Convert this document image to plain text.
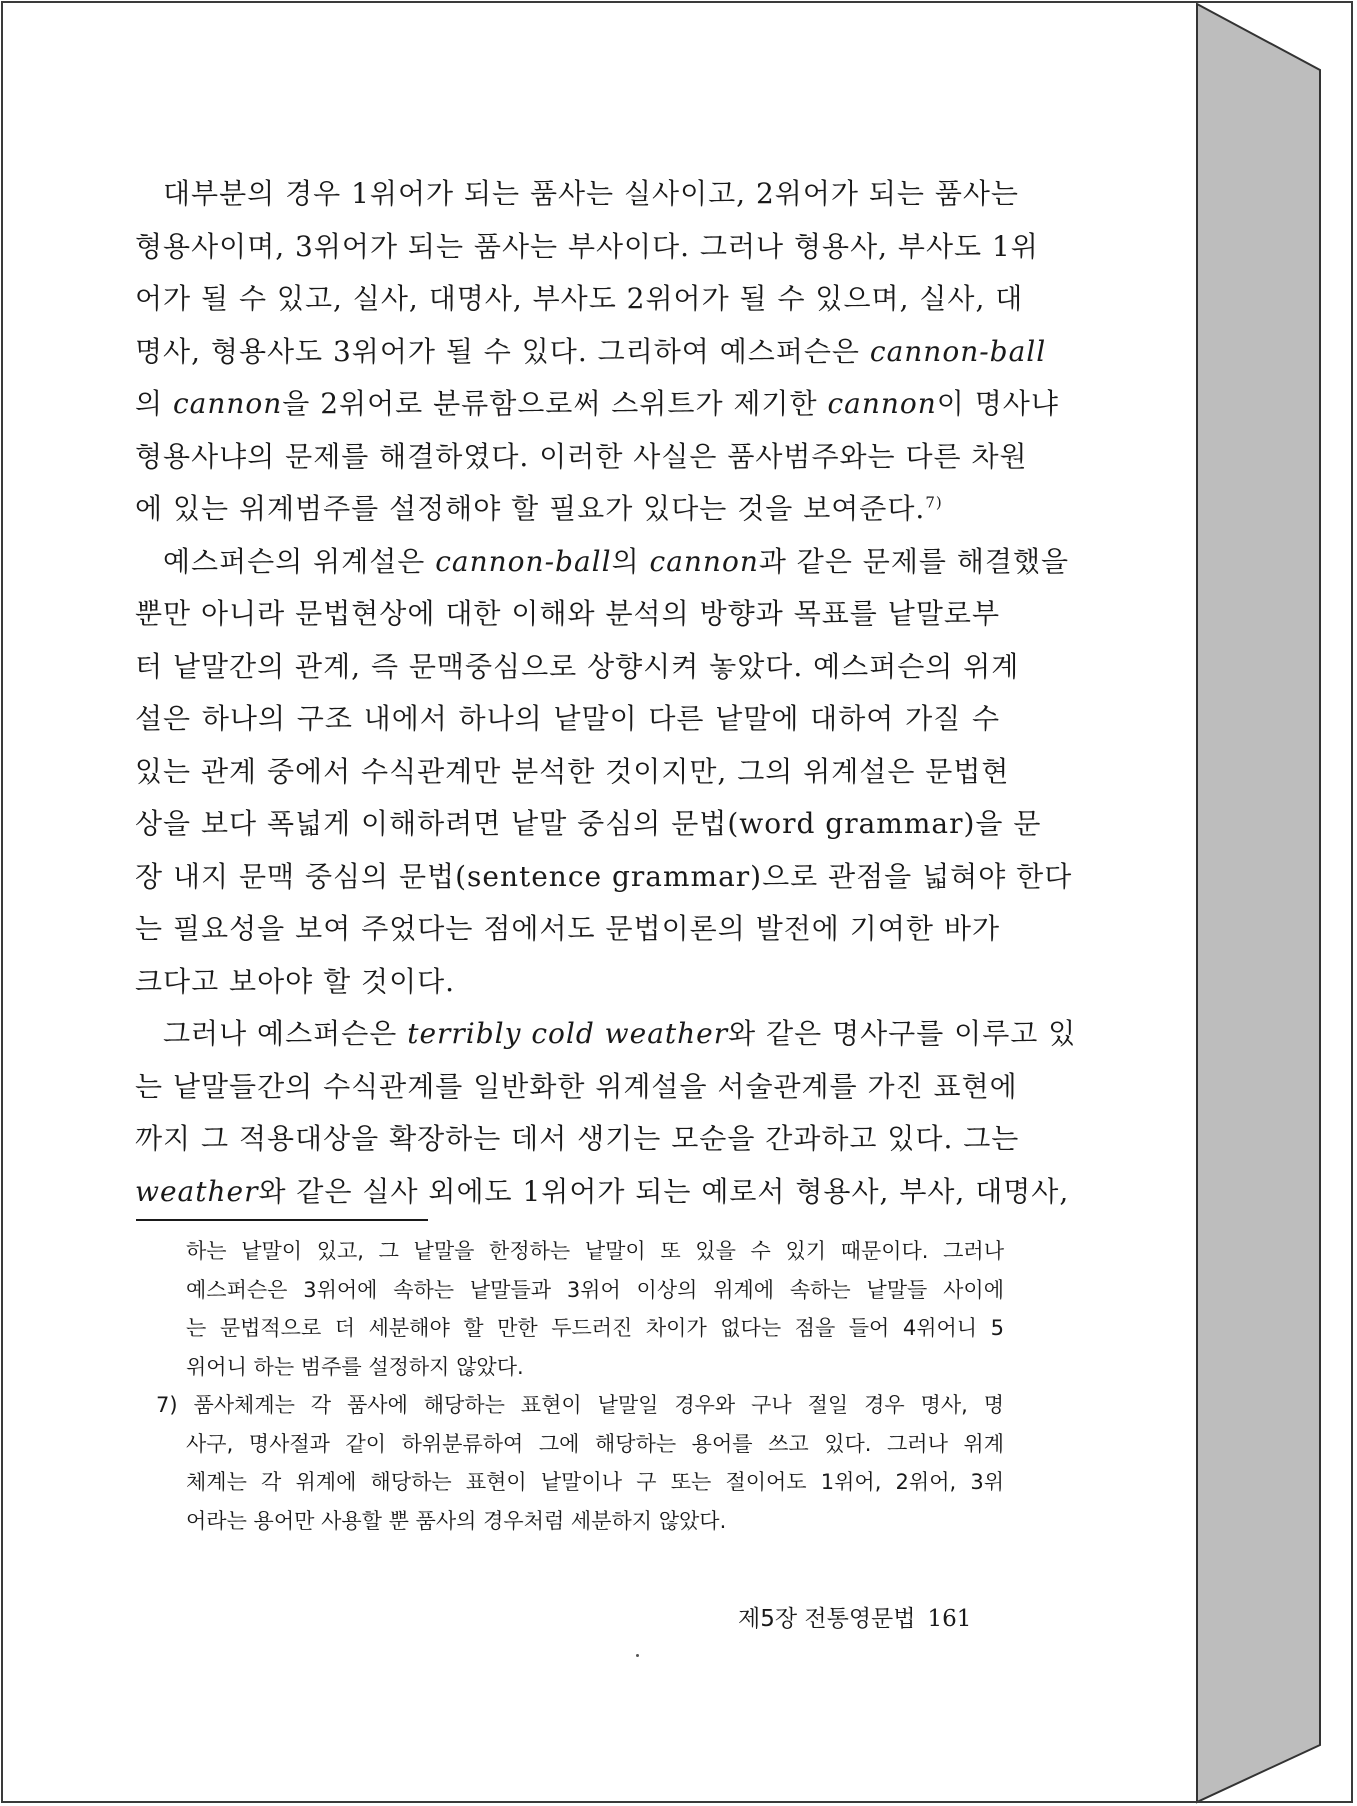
대부분의 경우 1위어가 되는 품사는 실사이고, 2위어가 되는 품사는
형용사이며, 3위어가 되는 품사는 부사이다. 그러나 형용사, 부사도 1위
어가 될 수 있고, 실사, 대명사, 부사도 2위어가 될 수 있으며, 실사, 대
명사, 형용사도 3위어가 될 수 있다. 그리하여 예스퍼슨은 cannon-ball
의 cannon을 2위어로 분류함으로써 스위트가 제기한 cannon이 명사냐
형용사냐의 문제를 해결하였다. 이러한 사실은 품사범주와는 다른 차원
에 있는 위계범주를 설정해야 할 필요가 있다는 것을 보여준다.$^{7)}$
예스퍼슨의 위계설은 cannon-ball의 cannon과 같은 문제를 해결했을
뿐만 아니라 문법현상에 대한 이해와 분석의 방향과 목표를 낱말로부
터 낱말간의 관계, 즉 문맥중심으로 상향시켜 놓았다. 예스퍼슨의 위계
설은 하나의 구조 내에서 하나의 낱말이 다른 낱말에 대하여 가질 수
있는 관계 중에서 수식관계만 분석한 것이지만, 그의 위계설은 문법현
상을 보다 폭넓게 이해하려면 낱말 중심의 문법(word grammar)을 문
장 내지 문맥 중심의 문법(sentence grammar)으로 관점을 넓혀야 한다
는 필요성을 보여 주었다는 점에서도 문법이론의 발전에 기여한 바가
크다고 보아야 할 것이다.
그러나 예스퍼슨은 terribly cold weather와 같은 명사구를 이루고 있
는 낱말들간의 수식관계를 일반화한 위계설을 서술관계를 가진 표현에
까지 그 적용대상을 확장하는 데서 생기는 모순을 간과하고 있다. 그는
weather와 같은 실사 외에도 1위어가 되는 예로서 형용사, 부사, 대명사,
하는 낱말이 있고, 그 낱말을 한정하는 낱말이 또 있을 수 있기 때문이다. 그러나
예스퍼슨은 3위어에 속하는 낱말들과 3위어 이상의 위계에 속하는 낱말들 사이에
는 문법적으로 더 세분해야 할 만한 두드러진 차이가 없다는 점을 들어 4위어니 5
위어니 하는 범주를 설정하지 않았다.
7) 품사체계는 각 품사에 해당하는 표현이 낱말일 경우와 구나 절일 경우 명사, 명
사구, 명사절과 같이 하위분류하여 그에 해당하는 용어를 쓰고 있다. 그러나 위계
체계는 각 위계에 해당하는 표현이 낱말이나 구 또는 절이어도 1위어, 2위어, 3위
어라는 용어만 사용할 뿐 품사의 경우처럼 세분하지 않았다.
제5장 전통영문법 161
